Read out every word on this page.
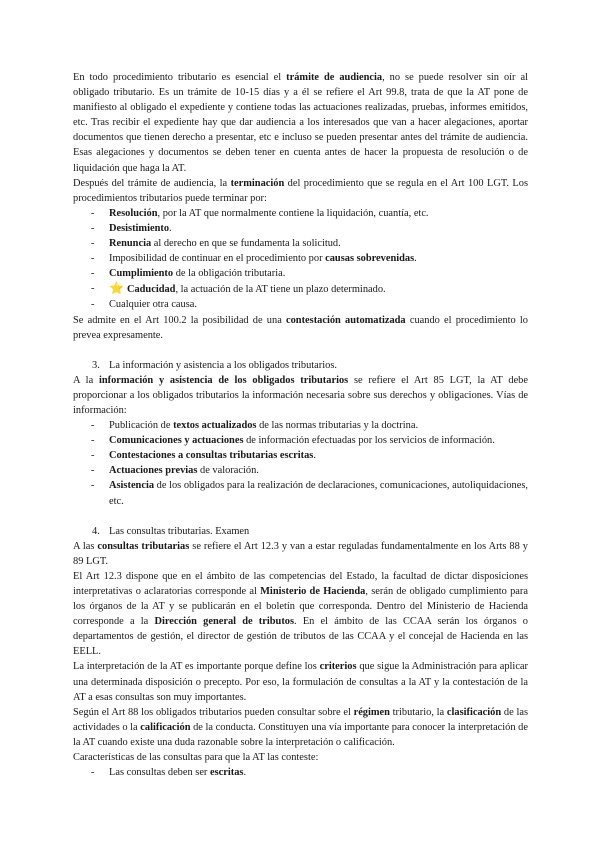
En todo procedimiento tributario es esencial el trámite de audiencia, no se puede resolver sin oír al obligado tributario. Es un trámite de 10-15 días y a él se refiere el Art 99.8, trata de que la AT pone de manifiesto al obligado el expediente y contiene todas las actuaciones realizadas, pruebas, informes emitidos, etc. Tras recibir el expediente hay que dar audiencia a los interesados que van a hacer alegaciones, aportar documentos que tienen derecho a presentar, etc e incluso se pueden presentar antes del trámite de audiencia. Esas alegaciones y documentos se deben tener en cuenta antes de hacer la propuesta de resolución o de liquidación que haga la AT.

Después del trámite de audiencia, la terminación del procedimiento que se regula en el Art 100 LGT. Los procedimientos tributarios puede terminar por:

- Resolución, por la AT que normalmente contiene la liquidación, cuantía, etc.
- Desistimiento.
- Renuncia al derecho en que se fundamenta la solicitud.
- Imposibilidad de continuar en el procedimiento por causas sobrevenidas.
- Cumplimiento de la obligación tributaria.
- ⭐ Caducidad, la actuación de la AT tiene un plazo determinado.
- Cualquier otra causa.

Se admite en el Art 100.2 la posibilidad de una contestación automatizada cuando el procedimiento lo prevea expresamente.

3. La información y asistencia a los obligados tributarios.

A la información y asistencia de los obligados tributarios se refiere el Art 85 LGT, la AT debe proporcionar a los obligados tributarios la información necesaria sobre sus derechos y obligaciones. Vías de información:

- Publicación de textos actualizados de las normas tributarias y la doctrina.
- Comunicaciones y actuaciones de información efectuadas por los servicios de información.
- Contestaciones a consultas tributarias escritas.
- Actuaciones previas de valoración.
- Asistencia de los obligados para la realización de declaraciones, comunicaciones, autoliquidaciones, etc.

4. Las consultas tributarias. Examen

A las consultas tributarias se refiere el Art 12.3 y van a estar reguladas fundamentalmente en los Arts 88 y 89 LGT.

El Art 12.3 dispone que en el ámbito de las competencias del Estado, la facultad de dictar disposiciones interpretativas o aclaratorias corresponde al Ministerio de Hacienda, serán de obligado cumplimiento para los órganos de la AT y se publicarán en el boletín que corresponda. Dentro del Ministerio de Hacienda corresponde a la Dirección general de tributos. En el ámbito de las CCAA serán los órganos o departamentos de gestión, el director de gestión de tributos de las CCAA y el concejal de Hacienda en las EELL.

La interpretación de la AT es importante porque define los criterios que sigue la Administración para aplicar una determinada disposición o precepto. Por eso, la formulación de consultas a la AT y la contestación de la AT a esas consultas son muy importantes.

Según el Art 88 los obligados tributarios pueden consultar sobre el régimen tributario, la clasificación de las actividades o la calificación de la conducta. Constituyen una vía importante para conocer la interpretación de la AT cuando existe una duda razonable sobre la interpretación o calificación.

Características de las consultas para que la AT las conteste:

- Las consultas deben ser escritas.
